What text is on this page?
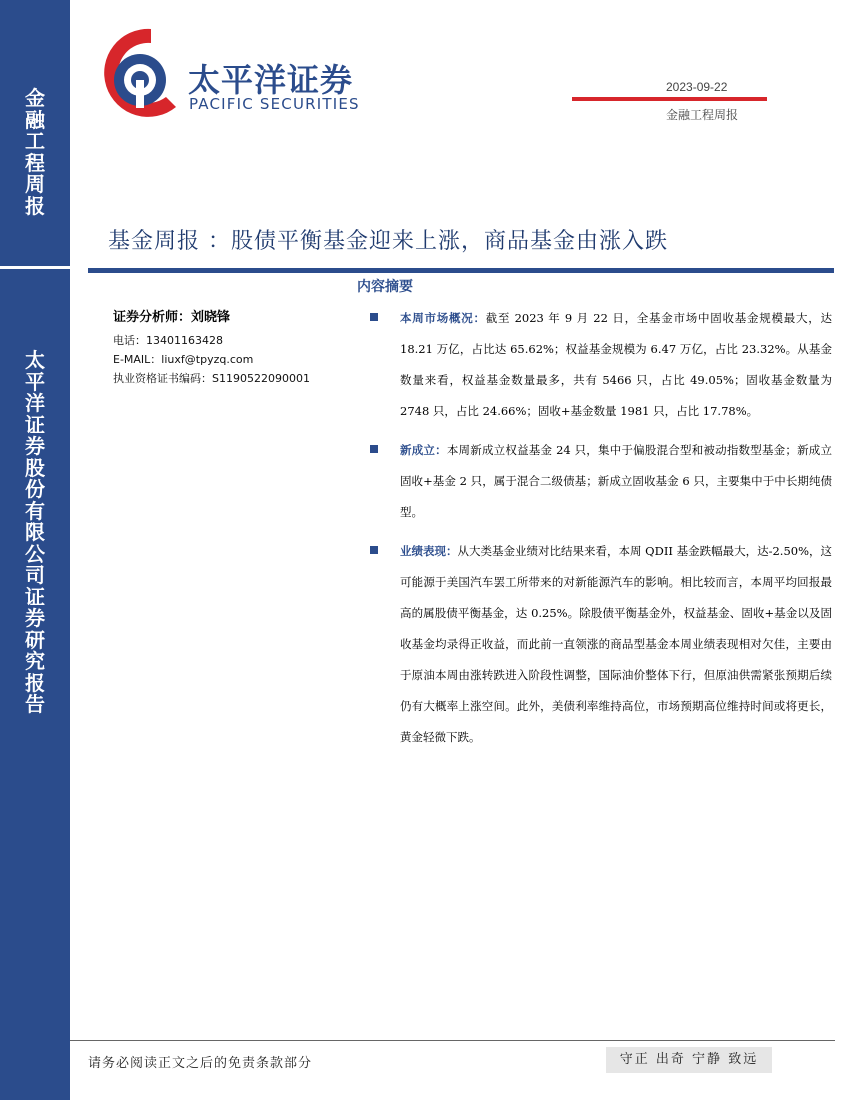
金
融
工
程
周
报
太
平
洋
证
券
股
份
有
限
公
司
证
券
研
究
报
告
太平洋证券
PACIFIC SECURITIES
2023-09-22
金融工程周报
基金周报 ：股债平衡基金迎来上涨，商品基金由涨入跌
内容摘要
证券分析师：刘晓锋
电话：13401163428
E-MAIL：liuxf@tpyzq.com
执业资格证书编码：S1190522090001
本周市场概况：截至 2023 年 9 月 22 日，全基金市场中固收基金规模最大，达 18.21 万亿，占比达 65.62%；权益基金规模为 6.47 万亿，占比 23.32%。从基金数量来看，权益基金数量最多，共有 5466 只，占比 49.05%；固收基金数量为 2748 只，占比 24.66%；固收+基金数量 1981 只，占比 17.78%。
新成立：本周新成立权益基金 24 只，集中于偏股混合型和被动指数型基金；新成立固收+基金 2 只，属于混合二级债基；新成立固收基金 6 只，主要集中于中长期纯债型。
业绩表现：从大类基金业绩对比结果来看，本周 QDII 基金跌幅最大，达-2.50%，这可能源于美国汽车罢工所带来的对新能源汽车的影响。相比较而言，本周平均回报最高的属股债平衡基金，达 0.25%。除股债平衡基金外，权益基金、固收+基金以及固收基金均录得正收益，而此前一直领涨的商品型基金本周业绩表现相对欠佳，主要由于原油本周由涨转跌进入阶段性调整，国际油价整体下行，但原油供需紧张预期后续仍有大概率上涨空间。此外，美债利率维持高位，市场预期高位维持时间或将更长，黄金轻微下跌。
请务必阅读正文之后的免责条款部分	守正 出奇 宁静 致远
